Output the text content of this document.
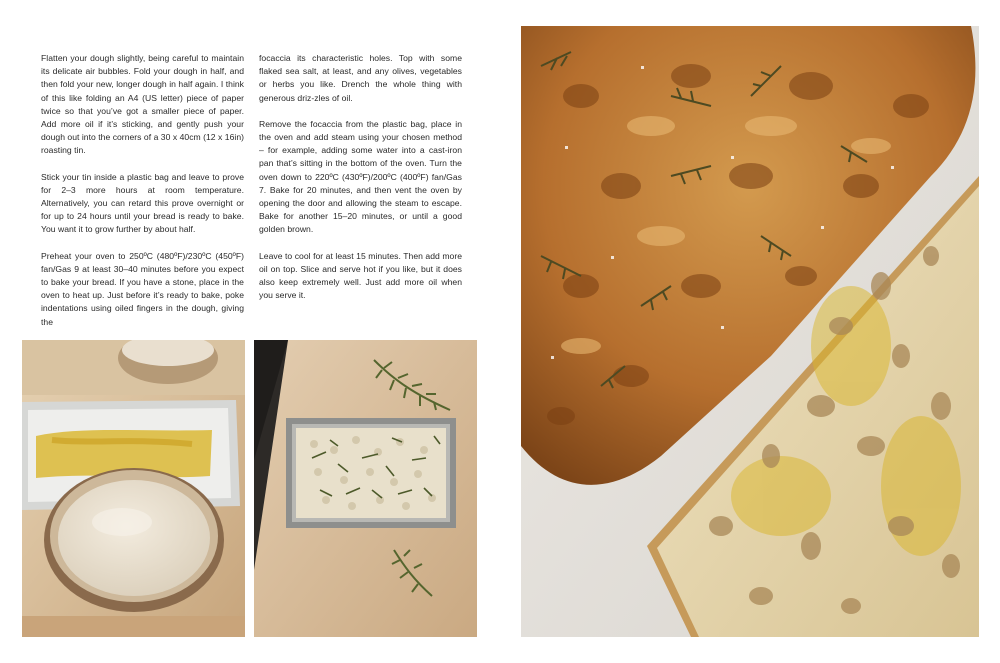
Flatten your dough slightly, being careful to maintain its delicate air bubbles. Fold your dough in half, and then fold your new, longer dough in half again. I think of this like folding an A4 (US letter) piece of paper twice so that you’ve got a smaller piece of paper. Add more oil if it’s sticking, and gently push your dough out into the corners of a 30 x 40cm (12 x 16in) roasting tin.

Stick your tin inside a plastic bag and leave to prove for 2–3 more hours at room temperature. Alternatively, you can retard this prove overnight or for up to 24 hours until your bread is ready to bake. You want it to grow further by about half.

Preheat your oven to 250ºC (480ºF)/230ºC (450ºF) fan/Gas 9 at least 30–40 minutes before you expect to bake your bread. If you have a stone, place in the oven to heat up. Just before it’s ready to bake, poke indentations using oiled fingers in the dough, giving the

focaccia its characteristic holes. Top with some flaked sea salt, at least, and any olives, vegetables or herbs you like. Drench the whole thing with generous driz-zles of oil.

Remove the focaccia from the plastic bag, place in the oven and add steam using your chosen method – for example, adding some water into a cast-iron pan that’s sitting in the bottom of the oven. Turn the oven down to 220ºC (430ºF)/200ºC (400ºF) fan/Gas 7. Bake for 20 minutes, and then vent the oven by opening the door and allowing the steam to escape. Bake for another 15–20 minutes, or until a good golden brown.

Leave to cool for at least 15 minutes. Then add more oil on top. Slice and serve hot if you like, but it does also keep extremely well. Just add more oil when you serve it.
